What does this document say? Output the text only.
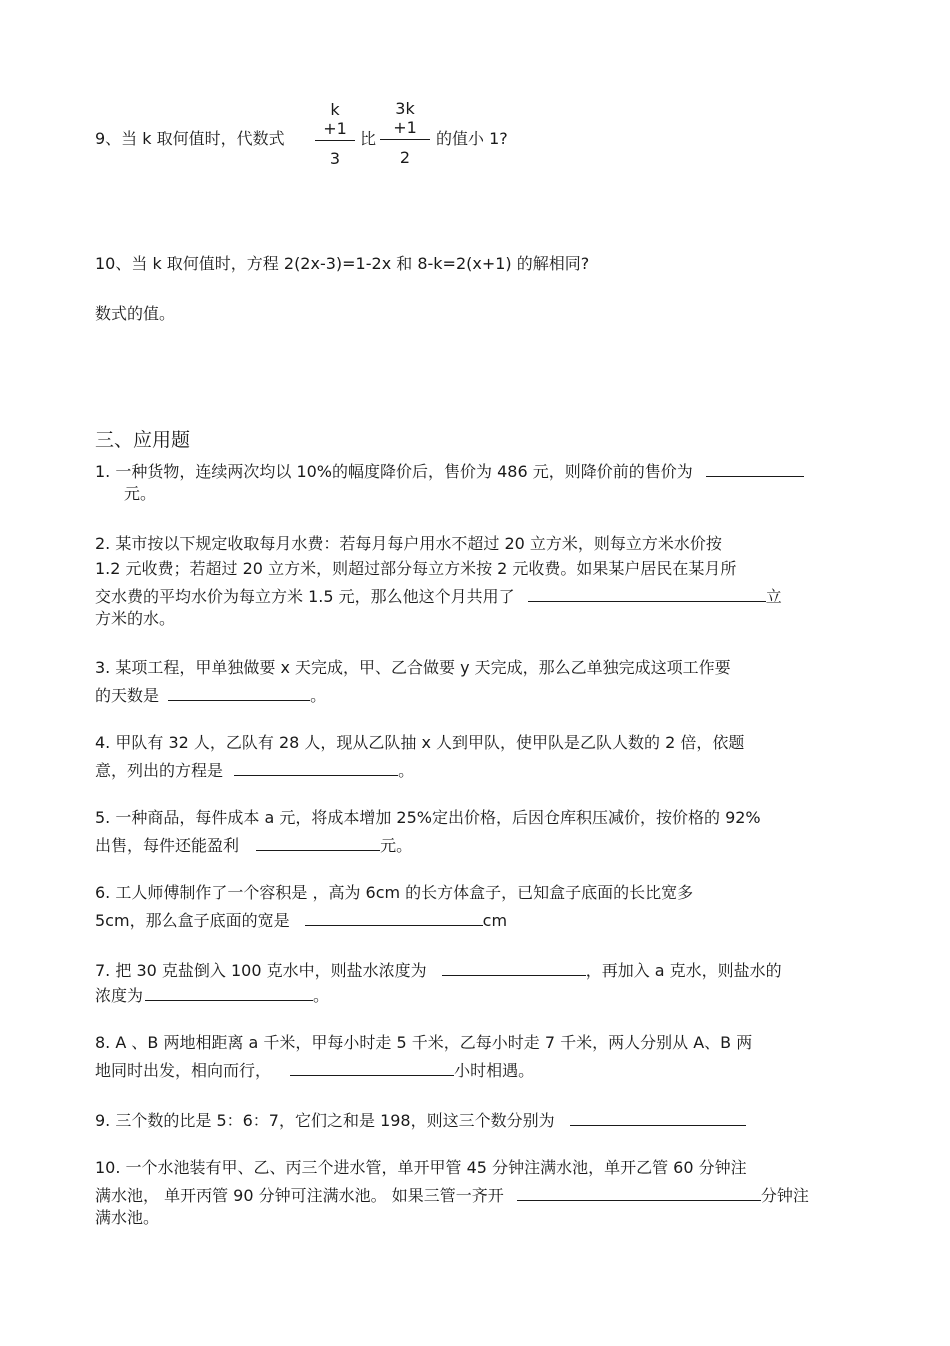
9、当 k 取何值时，代数式 $\frac{k +1}{3}$ 比 $\frac{3k +1}{2}$ 的值小 1?
10、当 k 取何值时，方程 2(2x-3)=1-2x 和 8-k=2(x+1) 的解相同?
数式的值。
三、应用题
1. 一种货物，连续两次均以 10%的幅度降价后，售价为 486 元，则降价前的售价为
元。
2. 某市按以下规定收取每月水费：若每月每户用水不超过 20 立方米，则每立方米水价按
1.2 元收费；若超过 20 立方米，则超过部分每立方米按 2 元收费。如果某户居民在某月所
交水费的平均水价为每立方米 1.5 元，那么他这个月共用了	立
方米的水。
3. 某项工程，甲单独做要 x 天完成，甲、乙合做要 y 天完成，那么乙单独完成这项工作要
的天数是	。
4. 甲队有 32 人，乙队有 28 人，现从乙队抽 x 人到甲队，使甲队是乙队人数的 2 倍，依题
意，列出的方程是	。
5. 一种商品，每件成本 a 元，将成本增加 25%定出价格，后因仓库积压减价，按价格的 92%
出售，每件还能盈利	元。
6. 工人师傅制作了一个容积是 ，高为 6cm 的长方体盒子，已知盒子底面的长比宽多
5cm，那么盒子底面的宽是	cm
7. 把 30 克盐倒入 100 克水中，则盐水浓度为	，再加入 a 克水，则盐水的
浓度为	。
8. A 、B 两地相距离 a 千米，甲每小时走 5 千米，乙每小时走 7 千米，两人分别从 A、B 两
地同时出发，相向而行，	小时相遇。
9. 三个数的比是 5：6：7，它们之和是 198，则这三个数分别为
10. 一个水池装有甲、乙、丙三个进水管，单开甲管 45 分钟注满水池，单开乙管 60 分钟注
满水池， 单开丙管 90 分钟可注满水池。 如果三管一齐开	分钟注
满水池。
